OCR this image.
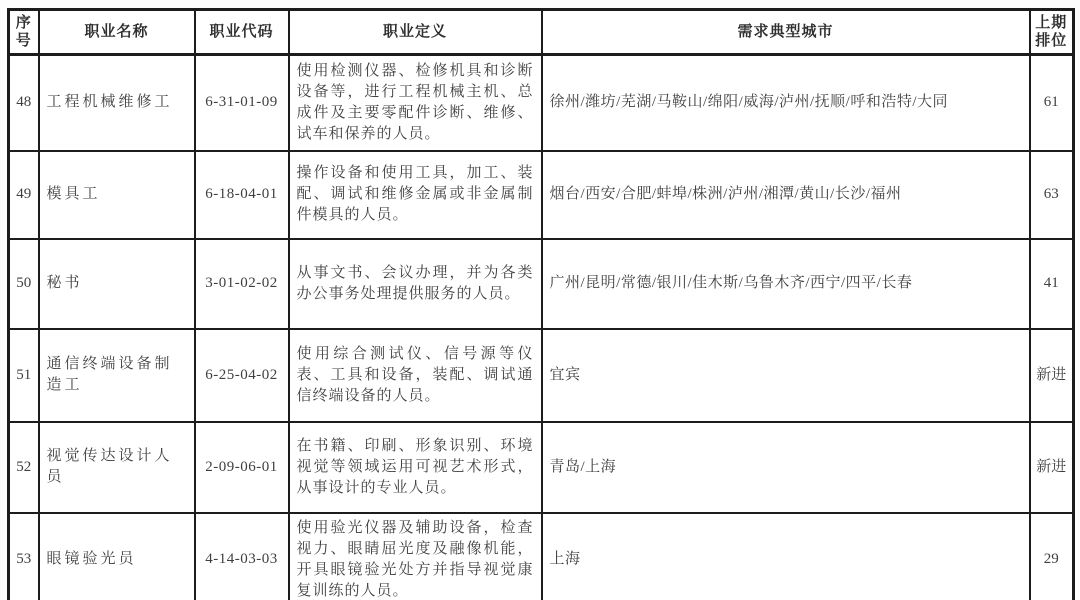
序号	职业名称	职业代码	职业定义	需求典型城市	上期排位
48	工程机械维修工	6-31-01-09	使用检测仪器、检修机具和诊断设备等，进行工程机械主机、总成件及主要零配件诊断、维修、试车和保养的人员。	徐州/潍坊/芜湖/马鞍山/绵阳/威海/泸州/抚顺/呼和浩特/大同	61
49	模具工	6-18-04-01	操作设备和使用工具，加工、装配、调试和维修金属或非金属制件模具的人员。	烟台/西安/合肥/蚌埠/株洲/泸州/湘潭/黄山/长沙/福州	63
50	秘书	3-01-02-02	从事文书、会议办理，并为各类办公事务处理提供服务的人员。	广州/昆明/常德/银川/佳木斯/乌鲁木齐/西宁/四平/长春	41
51	通信终端设备制造工	6-25-04-02	使用综合测试仪、信号源等仪表、工具和设备，装配、调试通信终端设备的人员。	宜宾	新进
52	视觉传达设计人员	2-09-06-01	在书籍、印刷、形象识别、环境视觉等领域运用可视艺术形式，从事设计的专业人员。	青岛/上海	新进
53	眼镜验光员	4-14-03-03	使用验光仪器及辅助设备，检查视力、眼睛屈光度及融像机能，开具眼镜验光处方并指导视觉康复训练的人员。	上海	29
